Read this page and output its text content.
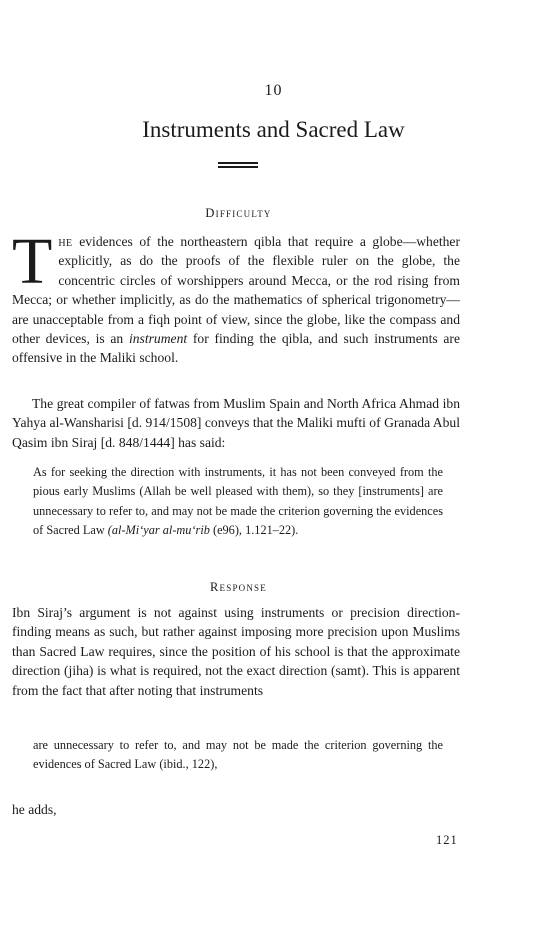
10
Instruments and Sacred Law
Difficulty
The evidences of the northeastern qibla that require a globe—whether explicitly, as do the proofs of the flexible ruler on the globe, the concentric circles of worshippers around Mecca, or the rod rising from Mecca; or whether implicitly, as do the mathematics of spherical trigonometry—are unacceptable from a fiqh point of view, since the globe, like the compass and other devices, is an instrument for finding the qibla, and such instruments are offensive in the Maliki school.
The great compiler of fatwas from Muslim Spain and North Africa Ahmad ibn Yahya al-Wansharisi [d. 914/1508] conveys that the Maliki mufti of Granada Abul Qasim ibn Siraj [d. 848/1444] has said:
As for seeking the direction with instruments, it has not been conveyed from the pious early Muslims (Allah be well pleased with them), so they [instruments] are unnecessary to refer to, and may not be made the criterion governing the evidences of Sacred Law (al-Mi‘yar al-mu‘rib (e96), 1.121–22).
Response
Ibn Siraj’s argument is not against using instruments or precision direction-finding means as such, but rather against imposing more precision upon Muslims than Sacred Law requires, since the position of his school is that the approximate direction (jiha) is what is required, not the exact direction (samt). This is apparent from the fact that after noting that instruments
are unnecessary to refer to, and may not be made the criterion governing the evidences of Sacred Law (ibid., 122),
he adds,
121
